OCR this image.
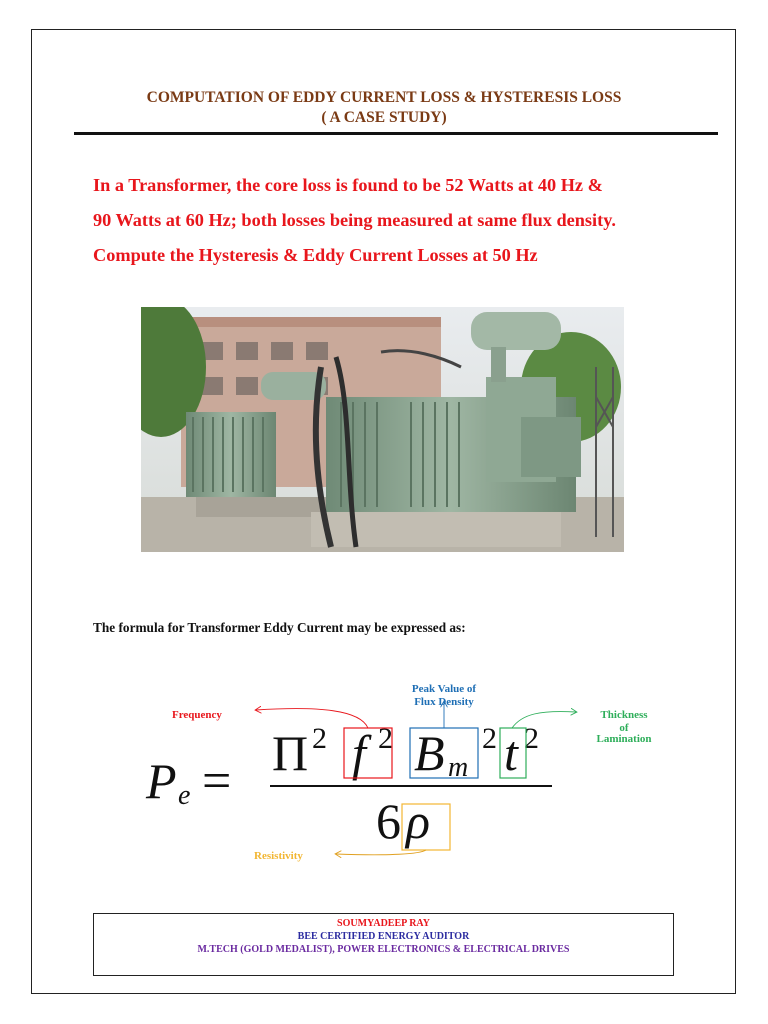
COMPUTATION OF EDDY CURRENT LOSS & HYSTERESIS LOSS
( A CASE STUDY)
In a Transformer, the core loss is found to be 52 Watts at 40 Hz &
90 Watts at 60 Hz; both losses being measured at same flux density.
Compute the Hysteresis & Eddy Current Losses at 50 Hz
The formula for Transformer Eddy Current may be expressed as:
P e = Π 2 f 2 B m
2 t 2
6 ρ
Frequency
Peak Value of
Flux Density
Thickness
of
Lamination
Resistivity
SOUMYADEEP RAY
BEE CERTIFIED ENERGY AUDITOR
M.TECH (GOLD MEDALIST), POWER ELECTRONICS & ELECTRICAL DRIVES
